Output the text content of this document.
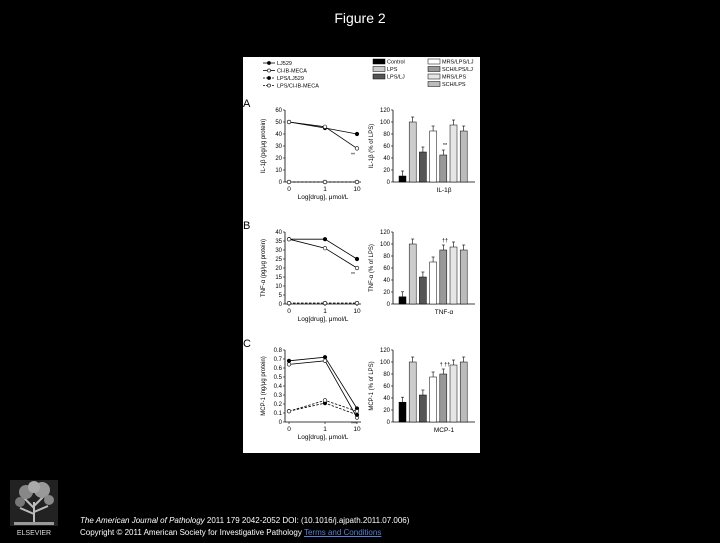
Figure 2
LJ529
Cl-IB-MECA
LPS/LJ529
LPS/Cl-IB-MECA
Control
LPS
LPS/LJ
MRS/LPS/LJ
SCH/LPS/LJ
MRS/LPS
SCH/LPS
A
0
10
20
30
40
50
60
0	1	10
Log[drug], μmol/L
IL-1β (pg/μg protein)	**
0
20
40
60
80
100
120
IL-1β (% of LPS)	**
IL-1β
B
0
5
10
15
20
25
30
35
40
0	1	10
Log[drug], μmol/L
TNF-α (pg/μg protein)	**
0
20
40
60
80
100
120
TNF-α (% of LPS)
††
TNF-α
C
0
0.1
0.2
0.3
0.4
0.5
0.6
0.7
0.8
0	1	10
Log[drug], μmol/L
MCP-1 (ng/μg protein)
***	0
20
40
60
80
100
120
MCP-1 (% of LPS)	† ††
MCP-1
ELSEVIER
The American Journal of Pathology 2011 179 2042-2052 DOI: (10.1016/j.ajpath.2011.07.006)
Copyright © 2011 American Society for Investigative Pathology Terms and Conditions
